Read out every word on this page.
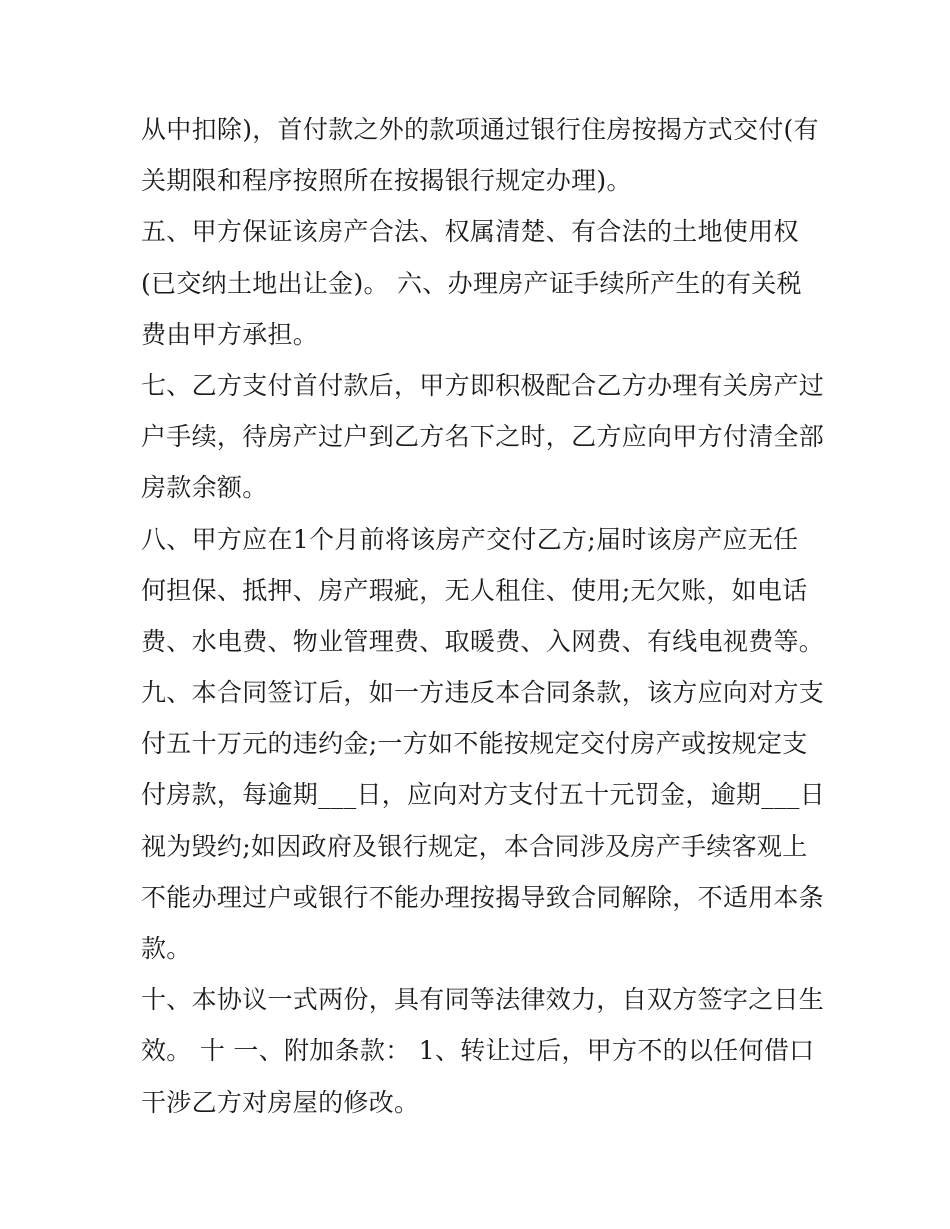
从中扣除)，首付款之外的款项通过银行住房按揭方式交付(有
关期限和程序按照所在按揭银行规定办理)。
五、甲方保证该房产合法、权属清楚、有合法的土地使用权
(已交纳土地出让金)。 六、办理房产证手续所产生的有关税
费由甲方承担。
七、乙方支付首付款后，甲方即积极配合乙方办理有关房产过
户手续，待房产过户到乙方名下之时，乙方应向甲方付清全部
房款余额。
八、甲方应在1个月前将该房产交付乙方;届时该房产应无任
何担保、抵押、房产瑕疵，无人租住、使用;无欠账，如电话
费、水电费、物业管理费、取暖费、入网费、有线电视费等。
九、本合同签订后，如一方违反本合同条款，该方应向对方支
付五十万元的违约金;一方如不能按规定交付房产或按规定支
付房款，每逾期___日，应向对方支付五十元罚金，逾期___日
视为毁约;如因政府及银行规定，本合同涉及房产手续客观上
不能办理过户或银行不能办理按揭导致合同解除，不适用本条
款。
十、本协议一式两份，具有同等法律效力，自双方签字之日生
效。 十 一、附加条款： 1、转让过后，甲方不的以任何借口
干涉乙方对房屋的修改。
